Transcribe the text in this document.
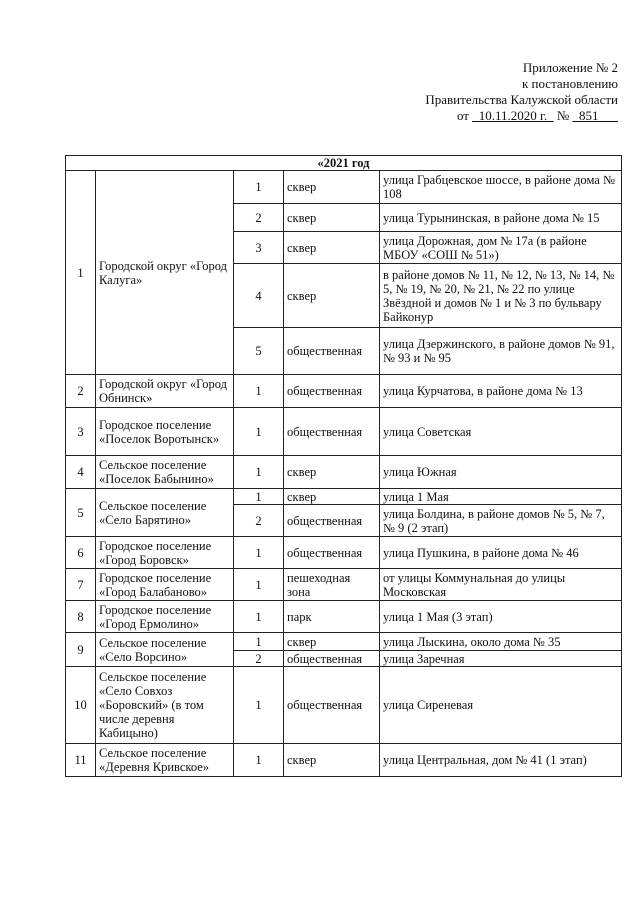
Приложение № 2
к постановлению
Правительства Калужской области
от _10.11.2020 г._ № _851___
«2021 год				
1	Городской округ «Город Калуга»	1	сквер	улица Грабцевское шоссе, в районе дома № 108
		2	сквер	улица Турынинская, в районе дома № 15
		3	сквер	улица Дорожная, дом № 17а (в районе МБОУ «СОШ № 51»)
		4	сквер	в районе домов № 11, № 12, № 13, № 14, № 5, № 19, № 20, № 21, № 22 по улице Звёздной и домов № 1 и № 3 по бульвару Байконур
		5	общественная	улица Дзержинского, в районе домов № 91, № 93 и № 95
2	Городской округ «Город Обнинск»	1	общественная	улица Курчатова, в районе дома № 13
3	Городское поселение «Поселок Воротынск»	1	общественная	улица Советская
4	Сельское поселение «Поселок Бабынино»	1	сквер	улица Южная
5	Сельское поселение «Село Барятино»	1	сквер	улица 1 Мая
		2	общественная	улица Болдина, в районе домов № 5, № 7, № 9 (2 этап)
6	Городское поселение «Город Боровск»	1	общественная	улица Пушкина, в районе дома № 46
7	Городское поселение «Город Балабаново»	1	пешеходная зона	от улицы Коммунальная до улицы Московская
8	Городское поселение «Город Ермолино»	1	парк	улица 1 Мая (3 этап)
9	Сельское поселение «Село Ворсино»	1	сквер	улица Лыскина, около дома № 35
		2	общественная	улица Заречная
10	Сельское поселение «Село Совхоз «Боровский» (в том числе деревня Кабицыно)	1	общественная	улица Сиреневая
11	Сельское поселение «Деревня Кривское»	1	сквер	улица Центральная, дом № 41 (1 этап)
